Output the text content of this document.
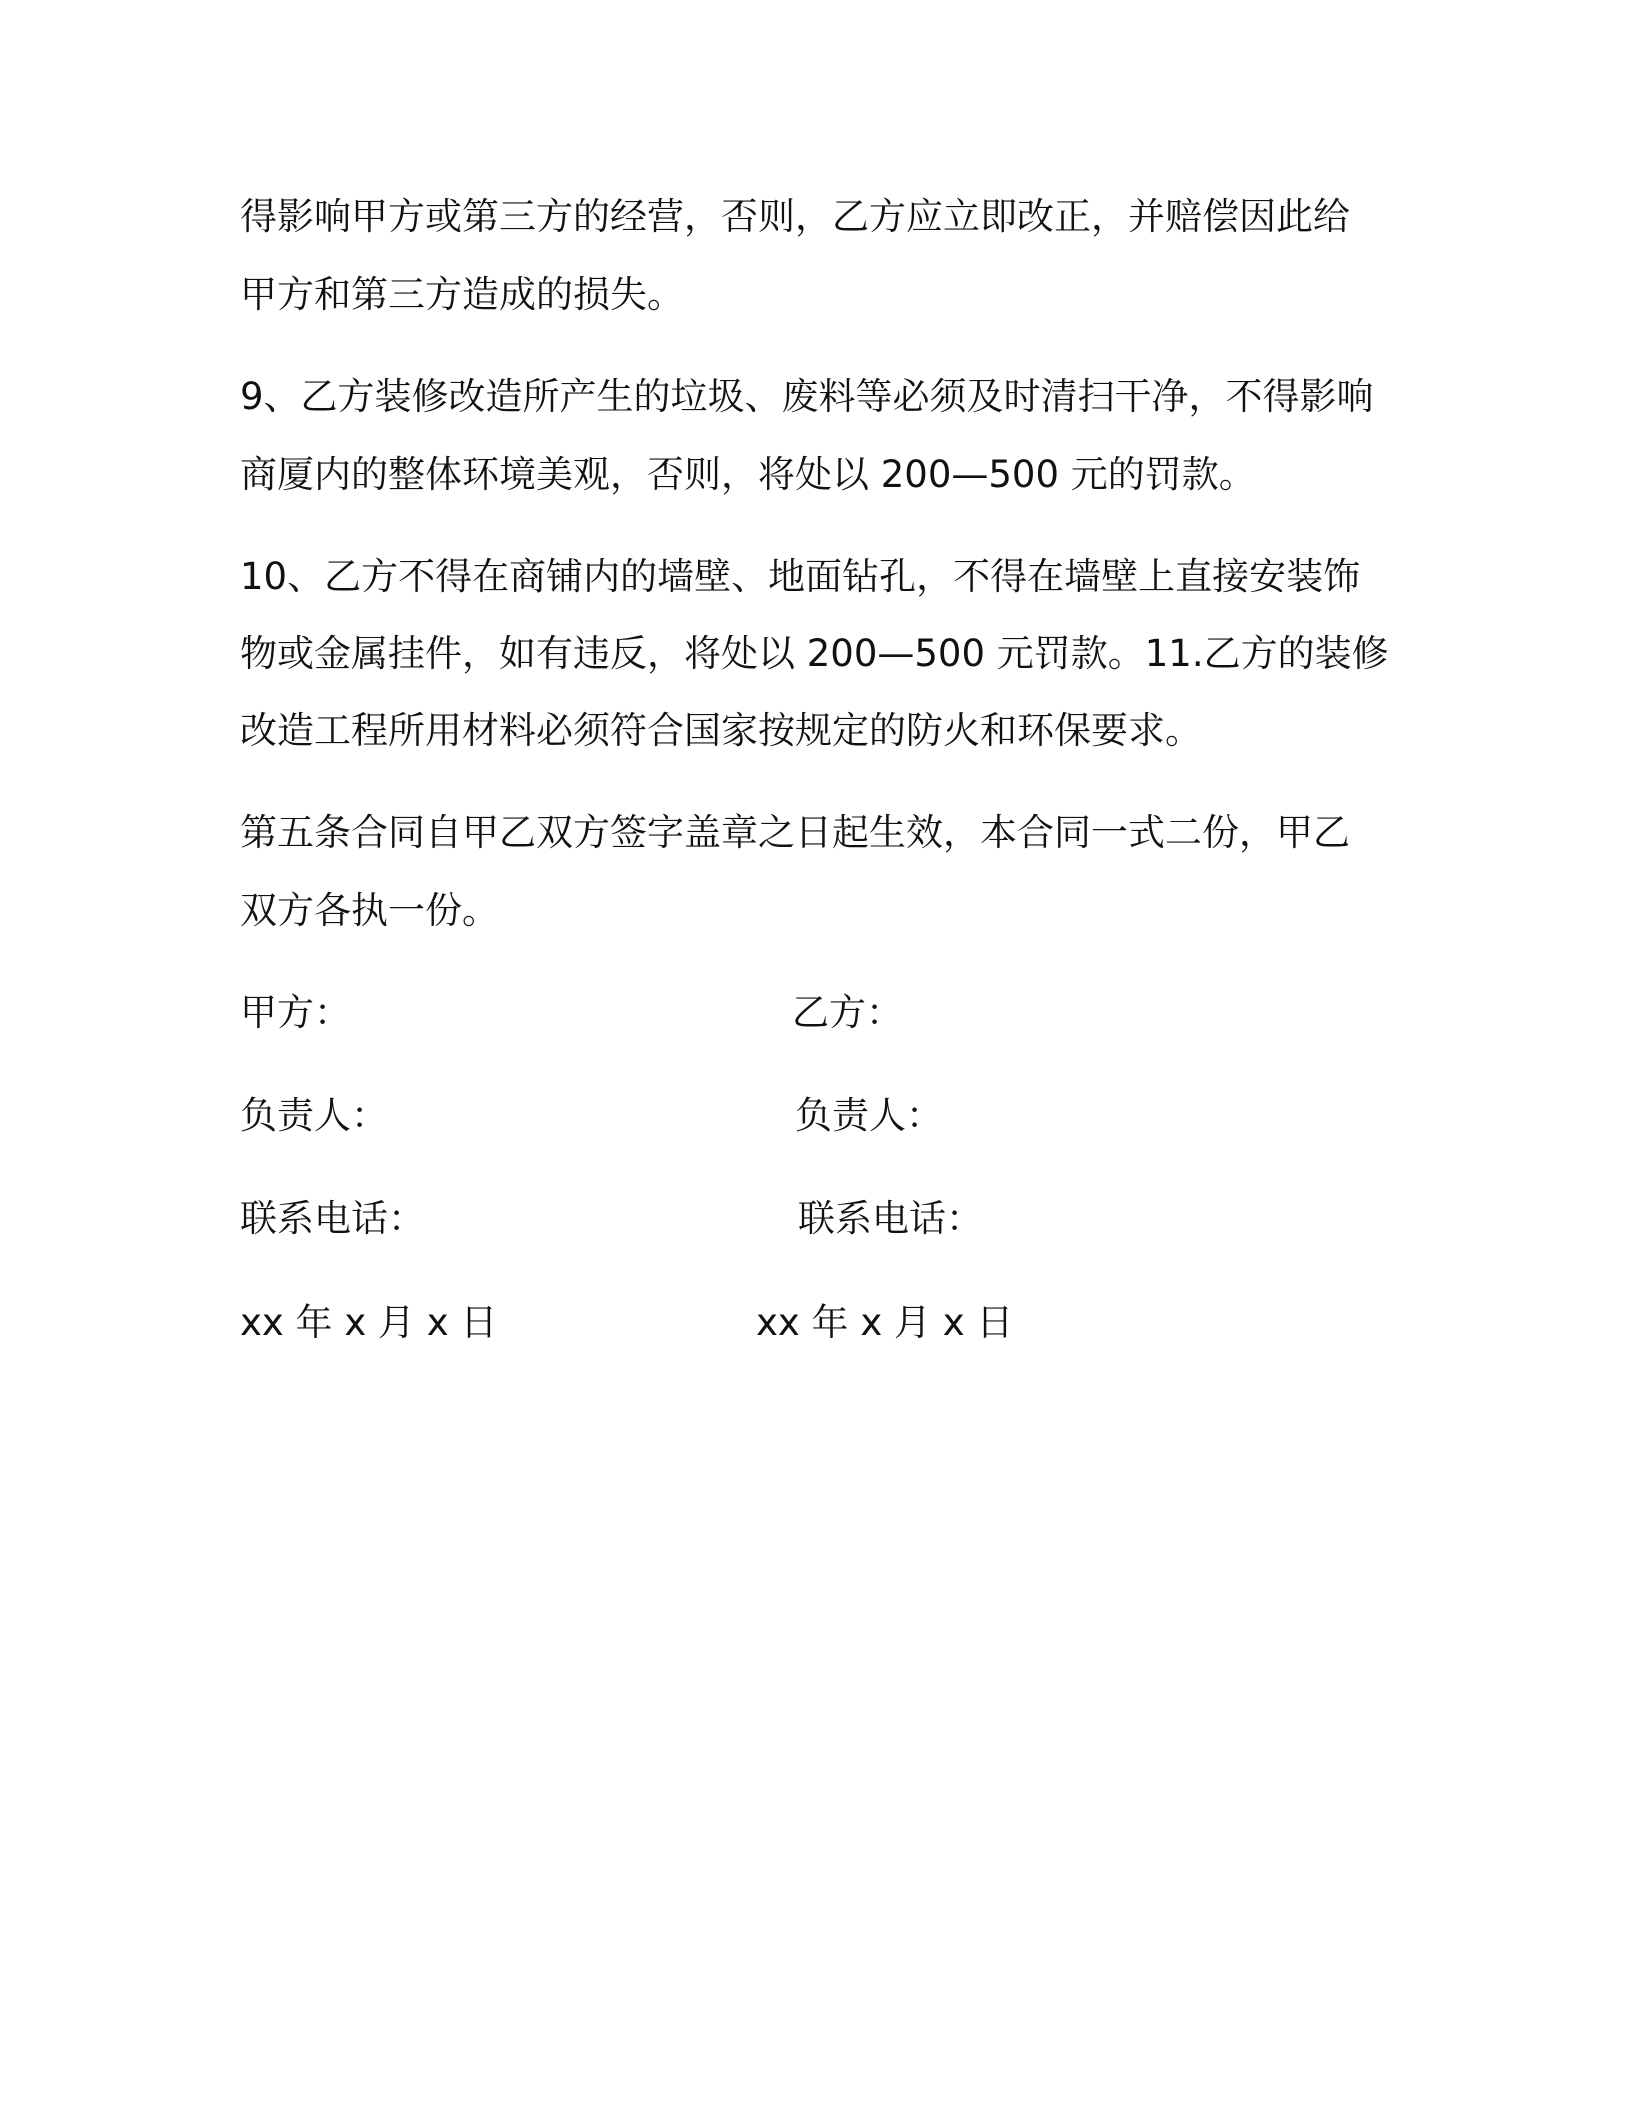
得影响甲方或第三方的经营，否则，乙方应立即改正，并赔偿因此给
甲方和第三方造成的损失。
9、乙方装修改造所产生的垃圾、废料等必须及时清扫干净，不得影响
商厦内的整体环境美观，否则，将处以 200—500 元的罚款。
10、乙方不得在商铺内的墙壁、地面钻孔，不得在墙壁上直接安装饰
物或金属挂件，如有违反，将处以 200—500 元罚款。11.乙方的装修
改造工程所用材料必须符合国家按规定的防火和环保要求。
第五条合同自甲乙双方签字盖章之日起生效，本合同一式二份，甲乙
双方各执一份。
甲方：	乙方：
负责人：	负责人：
联系电话：	联系电话：
xx 年 x 月 x 日	xx 年 x 月 x 日
